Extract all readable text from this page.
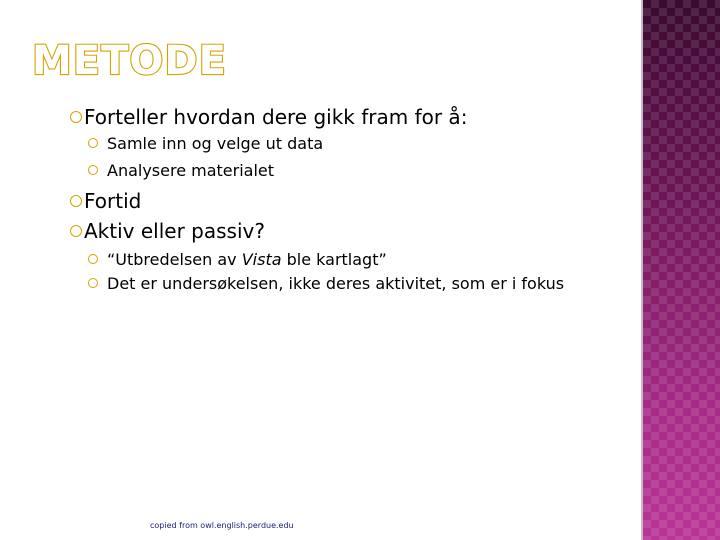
METODE
Forteller hvordan dere gikk fram for å:
Samle inn og velge ut data
Analysere materialet
Fortid
Aktiv eller passiv?
“Utbredelsen av Vista ble kartlagt”
Det er undersøkelsen, ikke deres aktivitet, som er i fokus
copied from owl.english.perdue.edu
